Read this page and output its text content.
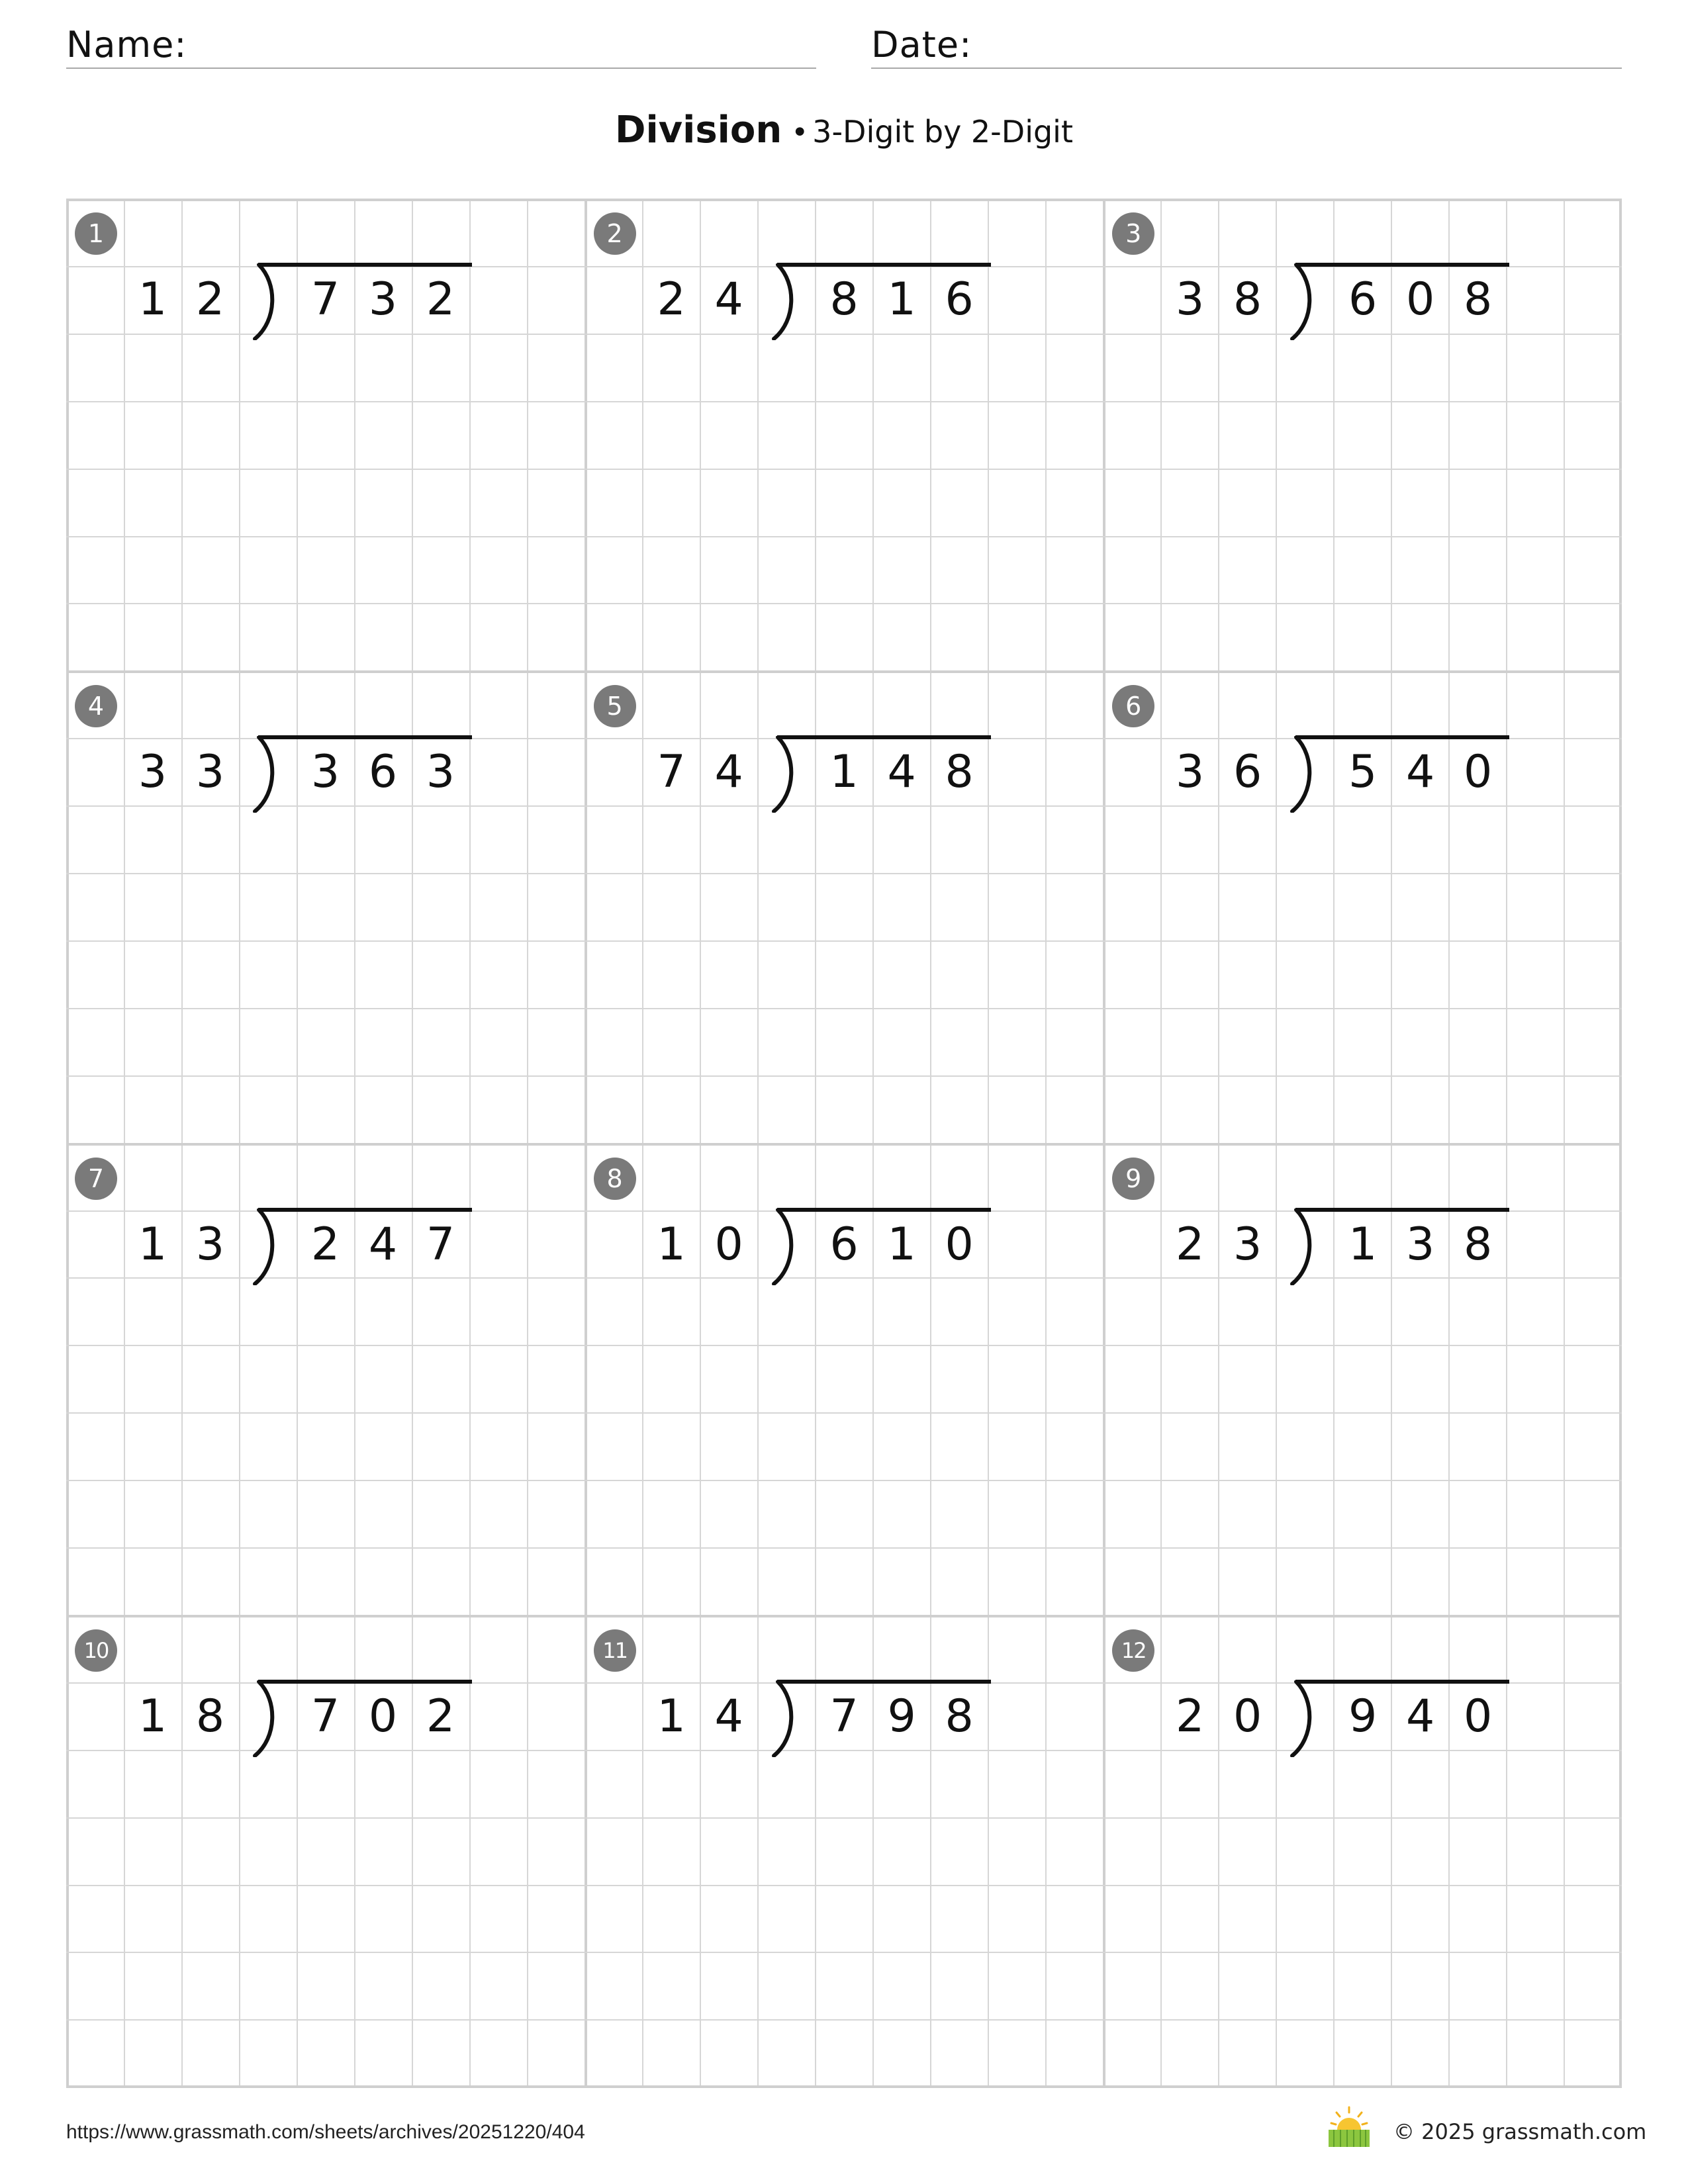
Name:	Date:
Division • 3-Digit by 2-Digit
1
1 2	7 3 2
2
2 4	8 1 6
3
3 8	6 0 8
4
3 3	3 6 3
5
7 4	1 4 8
6
3 6	5 4 0
7
1 3	2 4 7
8
1 0	6 1 0
9
2 3	1 3 8
10
1 8	7 0 2
11
1 4	7 9 8
12
2 0	9 4 0
https://www.grassmath.com/sheets/archives/20251220/404	© 2025 grassmath.com
